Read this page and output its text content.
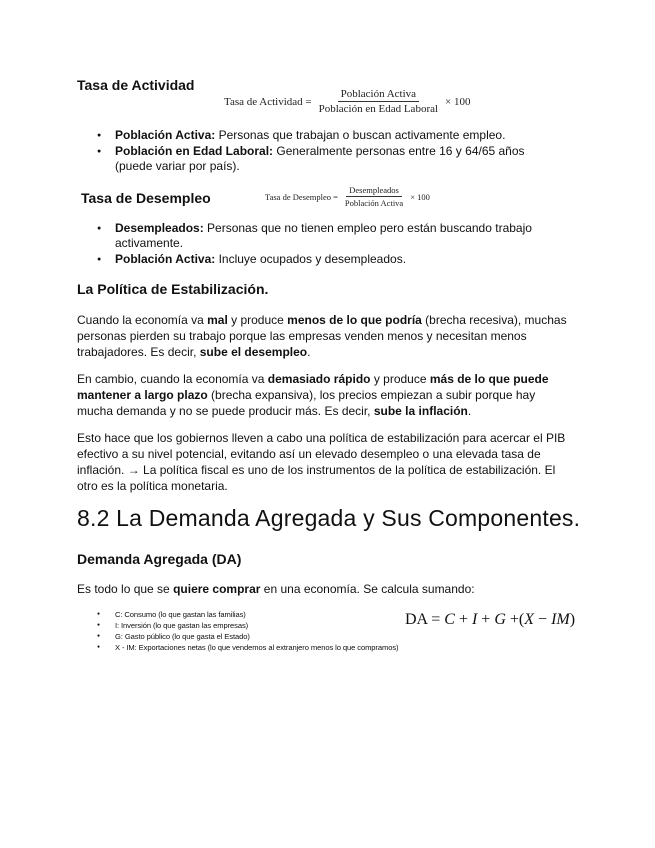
Tasa de Actividad
Tasa de Actividad = $\frac{\text{Población Activa}}{\text{Población en Edad Laboral}} \times 100$
● Población Activa: Personas que trabajan o buscan activamente empleo.
● Población en Edad Laboral: Generalmente personas entre 16 y 64/65 años (puede variar por país).
Tasa de Desempleo	Tasa de Desempleo = $\frac{\text{Desempleados}}{\text{Población Activa}} \times 100$
● Desempleados: Personas que no tienen empleo pero están buscando trabajo activamente.
● Población Activa: Incluye ocupados y desempleados.
La Política de Estabilización.

Cuando la economía va mal y produce menos de lo que podría (brecha recesiva), muchas personas pierden su trabajo porque las empresas venden menos y necesitan menos trabajadores. Es decir, sube el desempleo.

En cambio, cuando la economía va demasiado rápido y produce más de lo que puede mantener a largo plazo (brecha expansiva), los precios empiezan a subir porque hay mucha demanda y no se puede producir más. Es decir, sube la inflación.

Esto hace que los gobiernos lleven a cabo una política de estabilización para acercar el PIB efectivo a su nivel potencial, evitando así un elevado desempleo o una elevada tasa de inflación. → La política fiscal es uno de los instrumentos de la política de estabilización. El otro es la política monetaria.

8.2 La Demanda Agregada y Sus Componentes.
Demanda Agregada (DA)

Es todo lo que se quiere comprar en una economía. Se calcula sumando:

● C: Consumo (lo que gastan las familias)
● I: Inversión (lo que gastan las empresas)
● G: Gasto público (lo que gasta el Estado)
● X - IM: Exportaciones netas (lo que vendemos al extranjero menos lo que compramos)
DA = C + I + G +(X − IM)
